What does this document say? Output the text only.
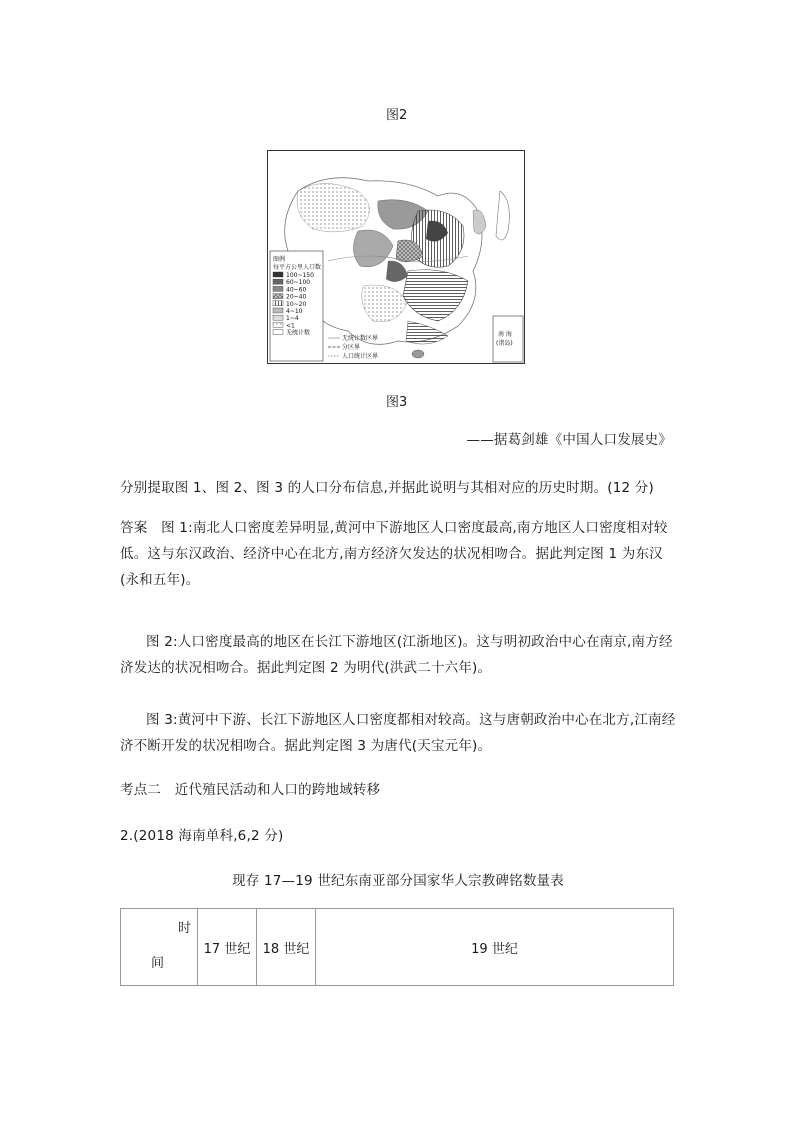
图2
图例
每平方公里人口数
100~150
60~100
40~60
20~40
10~20
4~10
1~4
<1
无统计数
无统计数区界
分区界
人口统计区界
南 海
(诸岛)
图3
——据葛剑雄《中国人口发展史》
分别提取图 1、图 2、图 3 的人口分布信息,并据此说明与其相对应的历史时期。(12 分)
答案　图 1:南北人口密度差异明显,黄河中下游地区人口密度最高,南方地区人口密度相对较低。这与东汉政治、经济中心在北方,南方经济欠发达的状况相吻合。据此判定图 1 为东汉(永和五年)。
图 2:人口密度最高的地区在长江下游地区(江浙地区)。这与明初政治中心在南京,南方经济发达的状况相吻合。据此判定图 2 为明代(洪武二十六年)。
图 3:黄河中下游、长江下游地区人口密度都相对较高。这与唐朝政治中心在北方,江南经济不断开发的状况相吻合。据此判定图 3 为唐代(天宝元年)。
考点二　近代殖民活动和人口的跨地域转移
2.(2018 海南单科,6,2 分)
现存 17—19 世纪东南亚部分国家华人宗教碑铭数量表
时
间
	17 世纪	18 世纪	19 世纪
